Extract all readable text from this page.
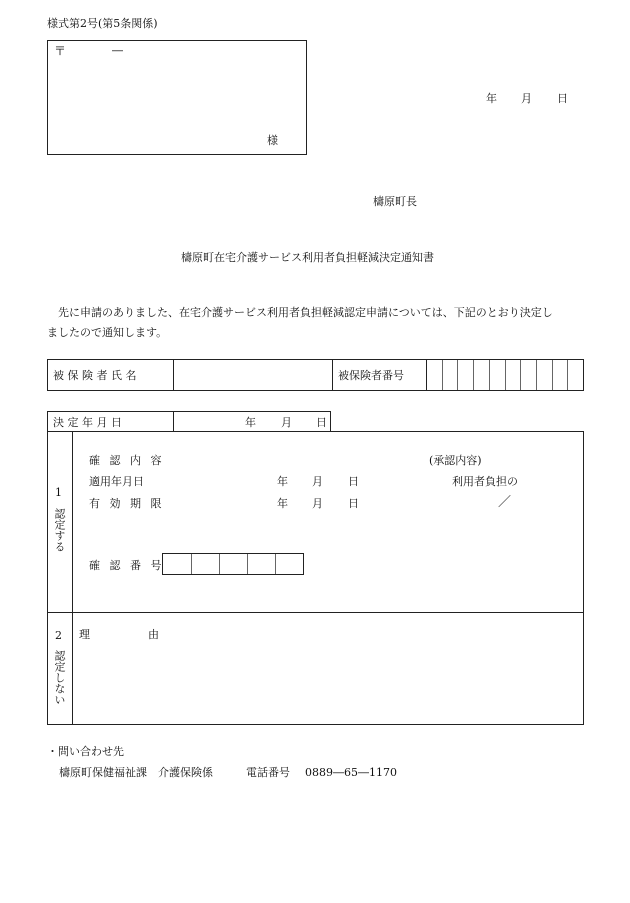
様式第2号(第5条関係)
〒	―
様
年 月 日
檮原町長
檮原町在宅介護サービス利用者負担軽減決定通知書
先に申請のありました、在宅介護サービス利用者負担軽減認定申請については、下記のとおり決定し
ましたので通知します。
被 保 険 者 氏 名	被保険者番号
決 定 年 月 日	年 月 日
1
認定する
確 認 内 容	(承認内容)
適用年月日	年 月 日	利用者負担の
有 効 期 限	年 月 日	／
確 認 番 号
2
認定しない
理	由
・問い合わせ先
檮原町保健福祉課　介護保険係	電話番号 0889―65―1170
